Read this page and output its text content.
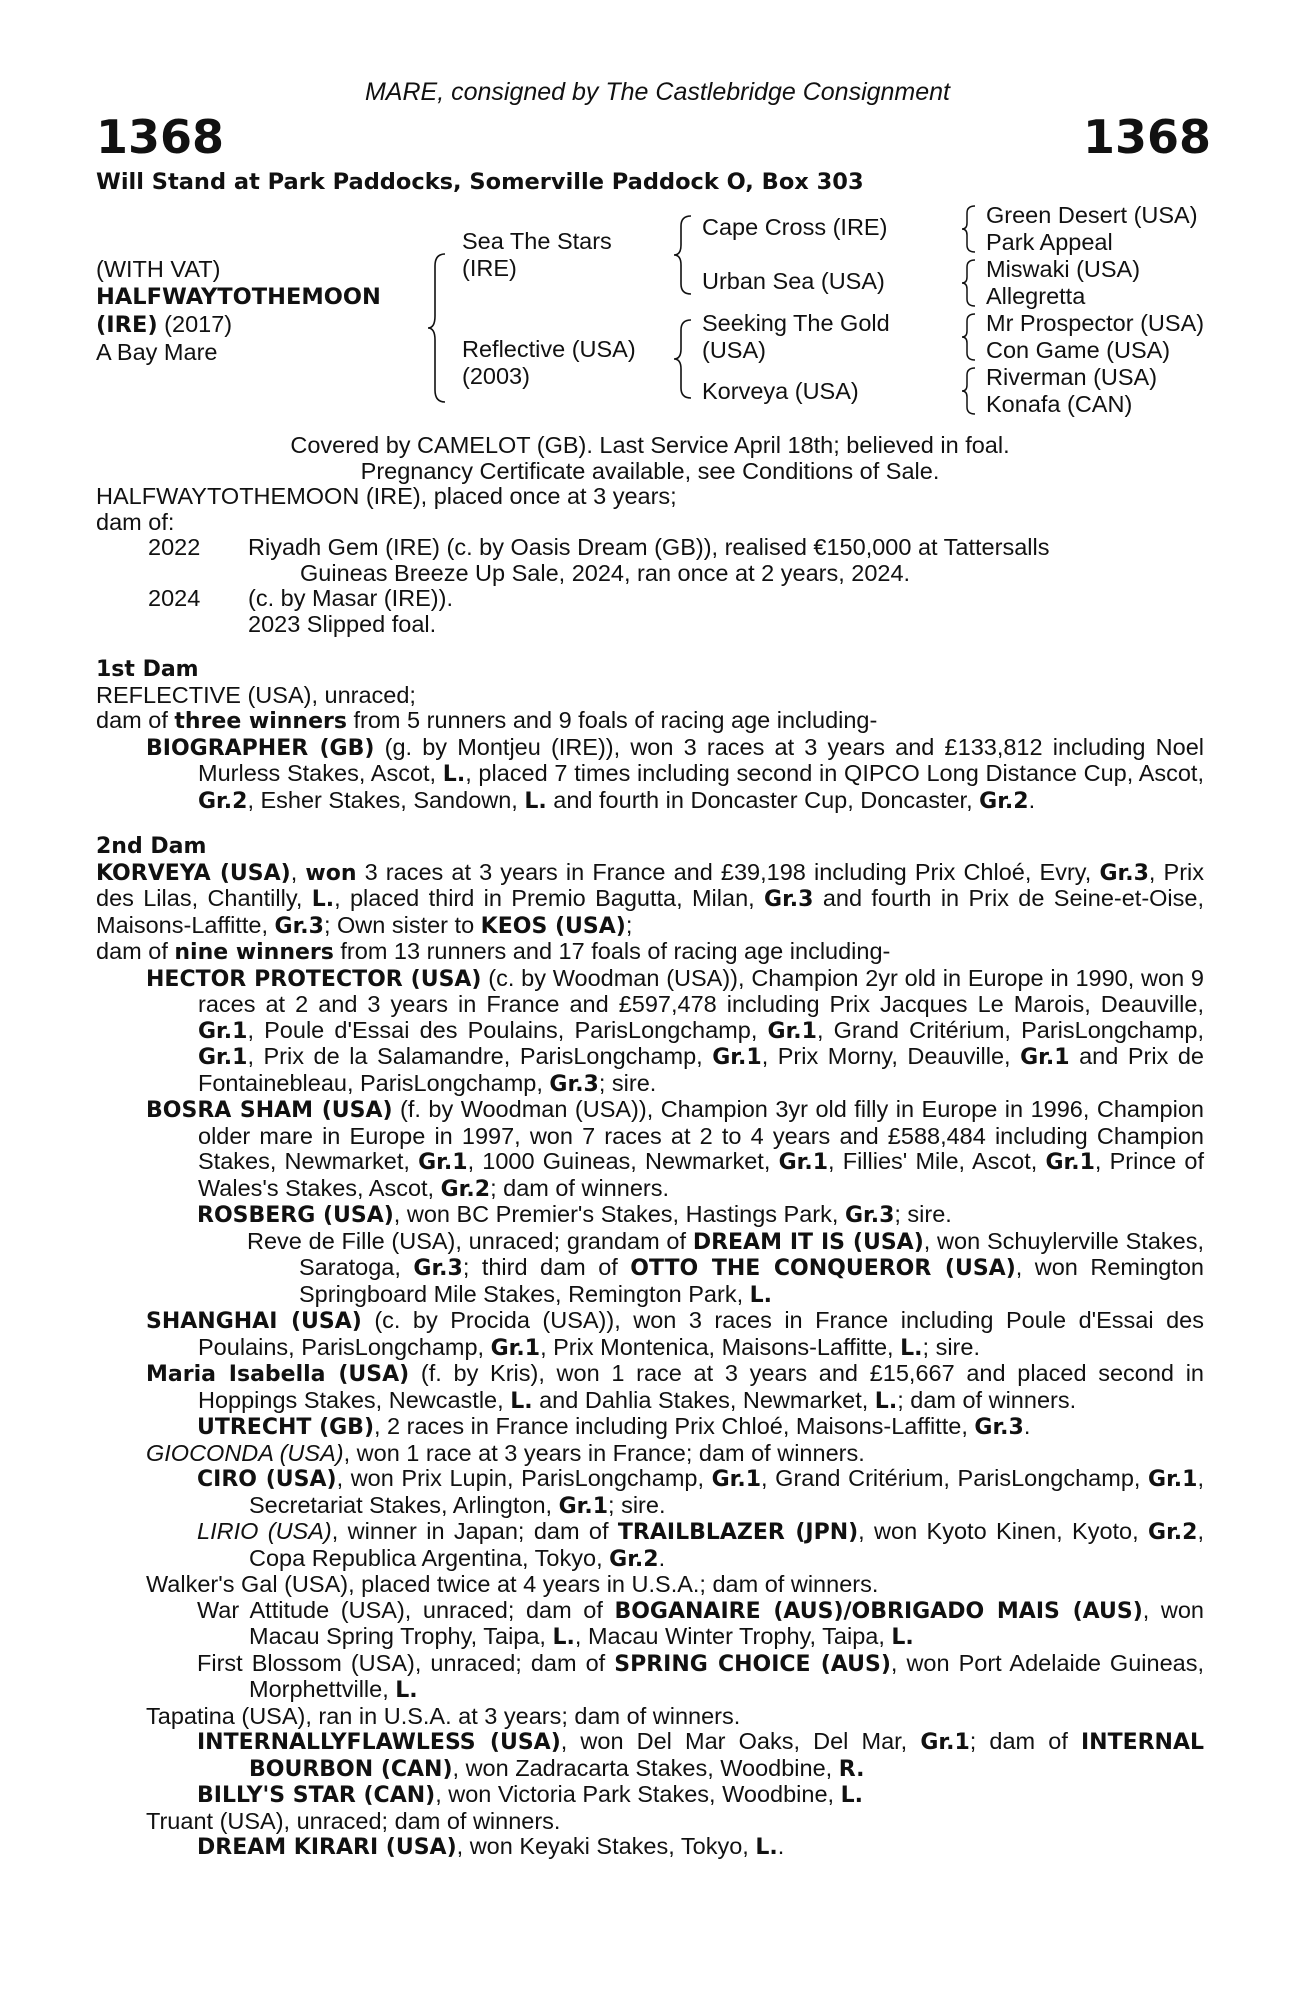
MARE, consigned by The Castlebridge Consignment
1368	1368
Will Stand at Park Paddocks, Somerville Paddock O, Box 303
(WITH VAT)
HALFWAYTOTHEMOON
(IRE) (2017)
A Bay Mare
Sea The Stars
(IRE)
Reflective (USA)
(2003)
Cape Cross (IRE)
Urban Sea (USA)
Seeking The Gold
(USA)
Korveya (USA)
Green Desert (USA)
Park Appeal
Miswaki (USA)
Allegretta
Mr Prospector (USA)
Con Game (USA)
Riverman (USA)
Konafa (CAN)

Covered by CAMELOT (GB). Last Service April 18th; believed in foal.

Pregnancy Certificate available, see Conditions of Sale.

HALFWAYTOTHEMOON (IRE), placed once at 3 years;

dam of:

2022	Riyadh Gem (IRE) (c. by Oasis Dream (GB)), realised €150,000 at Tattersalls
Guineas Breeze Up Sale, 2024, ran once at 2 years, 2024.
2024	(c. by Masar (IRE)).
2023 Slipped foal.

1st Dam

REFLECTIVE (USA), unraced;

dam of three winners from 5 runners and 9 foals of racing age including-

BIOGRAPHER (GB) (g. by Montjeu (IRE)), won 3 races at 3 years and £133,812 including Noel Murless Stakes, Ascot, L., placed 7 times including second in QIPCO Long Distance Cup, Ascot, Gr.2, Esher Stakes, Sandown, L. and fourth in Doncaster Cup, Doncaster, Gr.2.

2nd Dam

KORVEYA (USA), won 3 races at 3 years in France and £39,198 including Prix Chloé, Evry, Gr.3, Prix des Lilas, Chantilly, L., placed third in Premio Bagutta, Milan, Gr.3 and fourth in Prix de Seine-et-Oise, Maisons-Laffitte, Gr.3; Own sister to KEOS (USA);

dam of nine winners from 13 runners and 17 foals of racing age including-

HECTOR PROTECTOR (USA) (c. by Woodman (USA)), Champion 2yr old in Europe in 1990, won 9 races at 2 and 3 years in France and £597,478 including Prix Jacques Le Marois, Deauville, Gr.1, Poule d'Essai des Poulains, ParisLongchamp, Gr.1, Grand Critérium, ParisLongchamp, Gr.1, Prix de la Salamandre, ParisLongchamp, Gr.1, Prix Morny, Deauville, Gr.1 and Prix de Fontainebleau, ParisLongchamp, Gr.3; sire.

BOSRA SHAM (USA) (f. by Woodman (USA)), Champion 3yr old filly in Europe in 1996, Champion older mare in Europe in 1997, won 7 races at 2 to 4 years and £588,484 including Champion Stakes, Newmarket, Gr.1, 1000 Guineas, Newmarket, Gr.1, Fillies' Mile, Ascot, Gr.1, Prince of Wales's Stakes, Ascot, Gr.2; dam of winners.

ROSBERG (USA), won BC Premier's Stakes, Hastings Park, Gr.3; sire.

Reve de Fille (USA), unraced; grandam of DREAM IT IS (USA), won Schuylerville Stakes, Saratoga, Gr.3; third dam of OTTO THE CONQUEROR (USA), won Remington Springboard Mile Stakes, Remington Park, L.

SHANGHAI (USA) (c. by Procida (USA)), won 3 races in France including Poule d'Essai des Poulains, ParisLongchamp, Gr.1, Prix Montenica, Maisons-Laffitte, L.; sire.

Maria Isabella (USA) (f. by Kris), won 1 race at 3 years and £15,667 and placed second in Hoppings Stakes, Newcastle, L. and Dahlia Stakes, Newmarket, L.; dam of winners.

UTRECHT (GB), 2 races in France including Prix Chloé, Maisons-Laffitte, Gr.3.

GIOCONDA (USA), won 1 race at 3 years in France; dam of winners.

CIRO (USA), won Prix Lupin, ParisLongchamp, Gr.1, Grand Critérium, ParisLongchamp, Gr.1, Secretariat Stakes, Arlington, Gr.1; sire.

LIRIO (USA), winner in Japan; dam of TRAILBLAZER (JPN), won Kyoto Kinen, Kyoto, Gr.2, Copa Republica Argentina, Tokyo, Gr.2.

Walker's Gal (USA), placed twice at 4 years in U.S.A.; dam of winners.

War Attitude (USA), unraced; dam of BOGANAIRE (AUS)/OBRIGADO MAIS (AUS), won Macau Spring Trophy, Taipa, L., Macau Winter Trophy, Taipa, L.

First Blossom (USA), unraced; dam of SPRING CHOICE (AUS), won Port Adelaide Guineas, Morphettville, L.

Tapatina (USA), ran in U.S.A. at 3 years; dam of winners.

INTERNALLYFLAWLESS (USA), won Del Mar Oaks, Del Mar, Gr.1; dam of INTERNAL BOURBON (CAN), won Zadracarta Stakes, Woodbine, R.

BILLY'S STAR (CAN), won Victoria Park Stakes, Woodbine, L.

Truant (USA), unraced; dam of winners.

DREAM KIRARI (USA), won Keyaki Stakes, Tokyo, L..
